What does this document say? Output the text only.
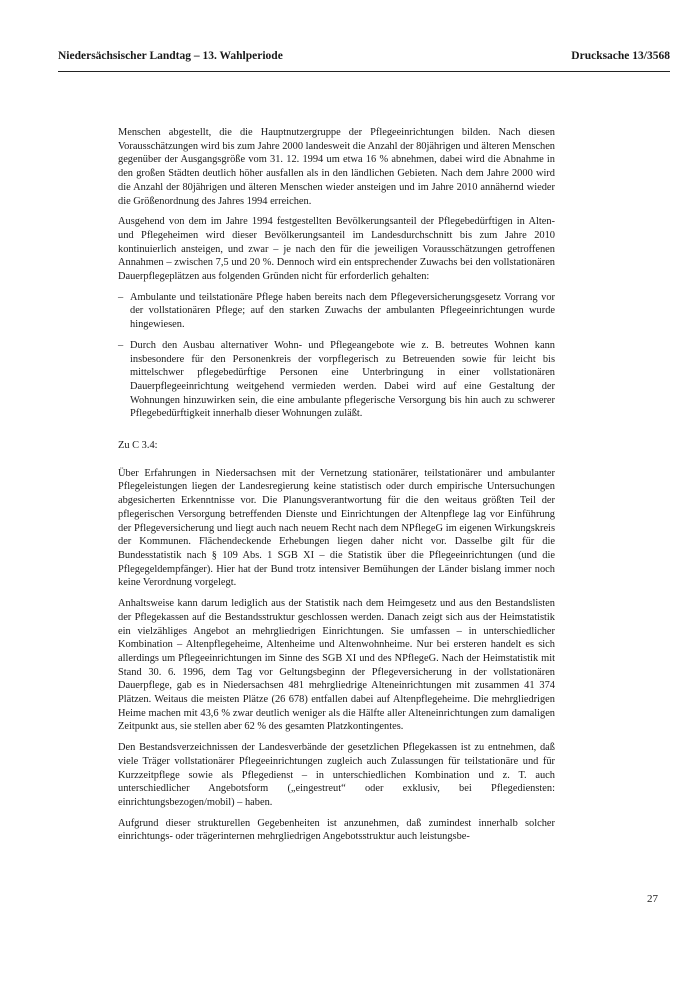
Niedersächsischer Landtag – 13. Wahlperiode	Drucksache 13/3568

Menschen abgestellt, die die Hauptnutzergruppe der Pflegeeinrichtungen bilden. Nach diesen Vorausschätzungen wird bis zum Jahre 2000 landesweit die Anzahl der 80jährigen und älteren Menschen gegenüber der Ausgangsgröße vom 31. 12. 1994 um etwa 16 % abnehmen, dabei wird die Abnahme in den großen Städten deutlich höher ausfallen als in den ländlichen Gebieten. Nach dem Jahre 2000 wird die Anzahl der 80jährigen und älteren Menschen wieder ansteigen und im Jahre 2010 annähernd wieder die Größenordnung des Jahres 1994 erreichen.

Ausgehend von dem im Jahre 1994 festgestellten Bevölkerungsanteil der Pflegebedürftigen in Alten- und Pflegeheimen wird dieser Bevölkerungsanteil im Landesdurchschnitt bis zum Jahre 2010 kontinuierlich ansteigen, und zwar – je nach den für die jeweiligen Vorausschätzungen getroffenen Annahmen – zwischen 7,5 und 20 %. Dennoch wird ein entsprechender Zuwachs bei den vollstationären Dauerpflegeplätzen aus folgenden Gründen nicht für erforderlich gehalten:

– Ambulante und teilstationäre Pflege haben bereits nach dem Pflegeversicherungsgesetz Vorrang vor der vollstationären Pflege; auf den starken Zuwachs der ambulanten Pflegeeinrichtungen wurde hingewiesen.
– Durch den Ausbau alternativer Wohn- und Pflegeangebote wie z. B. betreutes Wohnen kann insbesondere für den Personenkreis der vorpflegerisch zu Betreuenden sowie für leicht bis mittelschwer pflegebedürftige Personen eine Unterbringung in einer vollstationären Dauerpflegeeinrichtung weitgehend vermieden werden. Dabei wird auf eine Gestaltung der Wohnungen hinzuwirken sein, die eine ambulante pflegerische Versorgung bis hin auch zu schwerer Pflegebedürftigkeit innerhalb dieser Wohnungen zuläßt.

Zu C 3.4:

Über Erfahrungen in Niedersachsen mit der Vernetzung stationärer, teilstationärer und ambulanter Pflegeleistungen liegen der Landesregierung keine statistisch oder durch empirische Untersuchungen abgesicherten Erkenntnisse vor. Die Planungsverantwortung für die den weitaus größten Teil der pflegerischen Versorgung betreffenden Dienste und Einrichtungen der Altenpflege lag vor Einführung der Pflegeversicherung und liegt auch nach neuem Recht nach dem NPflegeG im eigenen Wirkungskreis der Kommunen. Flächendeckende Erhebungen liegen daher nicht vor. Dasselbe gilt für die Bundesstatistik nach § 109 Abs. 1 SGB XI – die Statistik über die Pflegeeinrichtungen (und die Pflegegeldempfänger). Hier hat der Bund trotz intensiver Bemühungen der Länder bislang immer noch keine Verordnung vorgelegt.

Anhaltsweise kann darum lediglich aus der Statistik nach dem Heimgesetz und aus den Bestandslisten der Pflegekassen auf die Bestandsstruktur geschlossen werden. Danach zeigt sich aus der Heimstatistik ein vielzähliges Angebot an mehrgliedrigen Einrichtungen. Sie umfassen – in unterschiedlicher Kombination – Altenpflegeheime, Altenheime und Altenwohnheime. Nur bei ersteren handelt es sich allerdings um Pflegeeinrichtungen im Sinne des SGB XI und des NPflegeG. Nach der Heimstatistik mit Stand 30. 6. 1996, dem Tag vor Geltungsbeginn der Pflegeversicherung in der vollstationären Dauerpflege, gab es in Niedersachsen 481 mehrgliedrige Alteneinrichtungen mit zusammen 41 374 Plätzen. Weitaus die meisten Plätze (26 678) entfallen dabei auf Altenpflegeheime. Die mehrgliedrigen Heime machen mit 43,6 % zwar deutlich weniger als die Hälfte aller Alteneinrichtungen zum damaligen Zeitpunkt aus, sie stellen aber 62 % des gesamten Platzkontingentes.

Den Bestandsverzeichnissen der Landesverbände der gesetzlichen Pflegekassen ist zu entnehmen, daß viele Träger vollstationärer Pflegeeinrichtungen zugleich auch Zulassungen für teilstationäre und für Kurzzeitpflege sowie als Pflegedienst – in unterschiedlichen Kombination und z. T. auch unterschiedlicher Angebotsform („eingestreut“ oder exklusiv, bei Pflegediensten: einrichtungsbezogen/mobil) – haben.

Aufgrund dieser strukturellen Gegebenheiten ist anzunehmen, daß zumindest innerhalb solcher einrichtungs- oder trägerinternen mehrgliedrigen Angebotsstruktur auch leistungsbe-

27
